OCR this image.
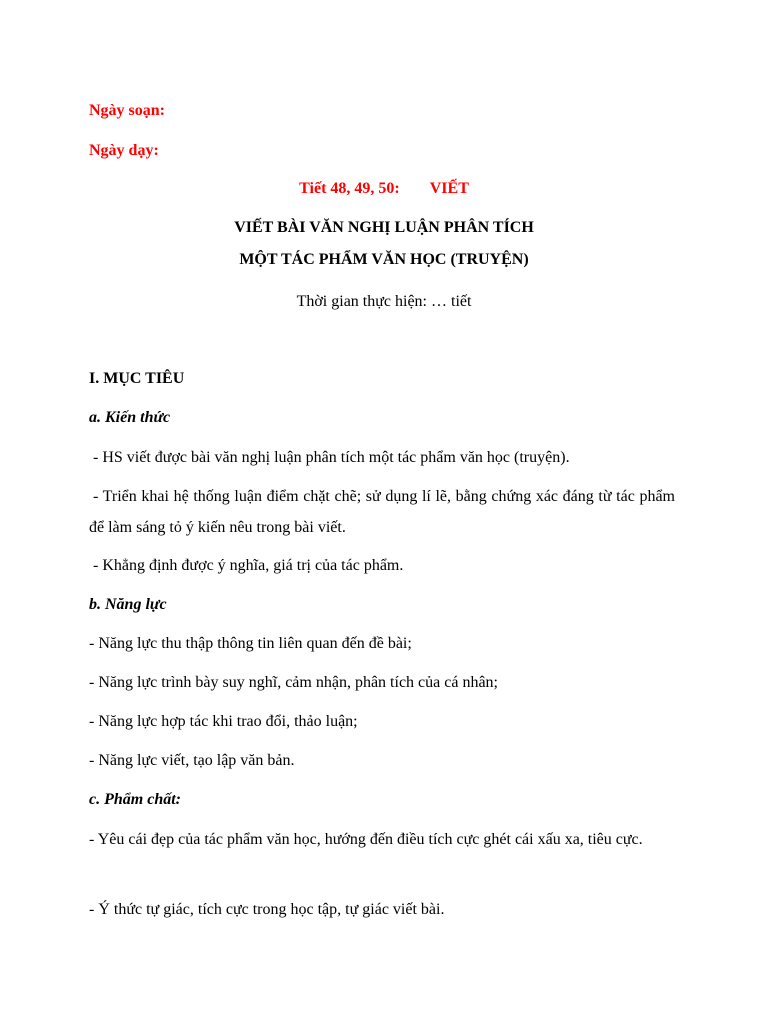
Ngày soạn:
Ngày dạy:
Tiết 48, 49, 50: VIẾT
VIẾT BÀI VĂN NGHỊ LUẬN PHÂN TÍCH
MỘT TÁC PHẨM VĂN HỌC (TRUYỆN)
Thời gian thực hiện: … tiết
I. MỤC TIÊU
a. Kiến thức
- HS viết được bài văn nghị luận phân tích một tác phẩm văn học (truyện).
- Triển khai hệ thống luận điểm chặt chẽ; sử dụng lí lẽ, bằng chứng xác đáng từ tác phẩm để làm sáng tỏ ý kiến nêu trong bài viết.
- Khẳng định được ý nghĩa, giá trị của tác phẩm.
b. Năng lực
- Năng lực thu thập thông tin liên quan đến đề bài;
- Năng lực trình bày suy nghĩ, cảm nhận, phân tích của cá nhân;
- Năng lực hợp tác khi trao đổi, thảo luận;
- Năng lực viết, tạo lập văn bản.
c. Phẩm chất:
- Yêu cái đẹp của tác phẩm văn học, hướng đến điều tích cực ghét cái xấu xa, tiêu cực.
- Ý thức tự giác, tích cực trong học tập, tự giác viết bài.
